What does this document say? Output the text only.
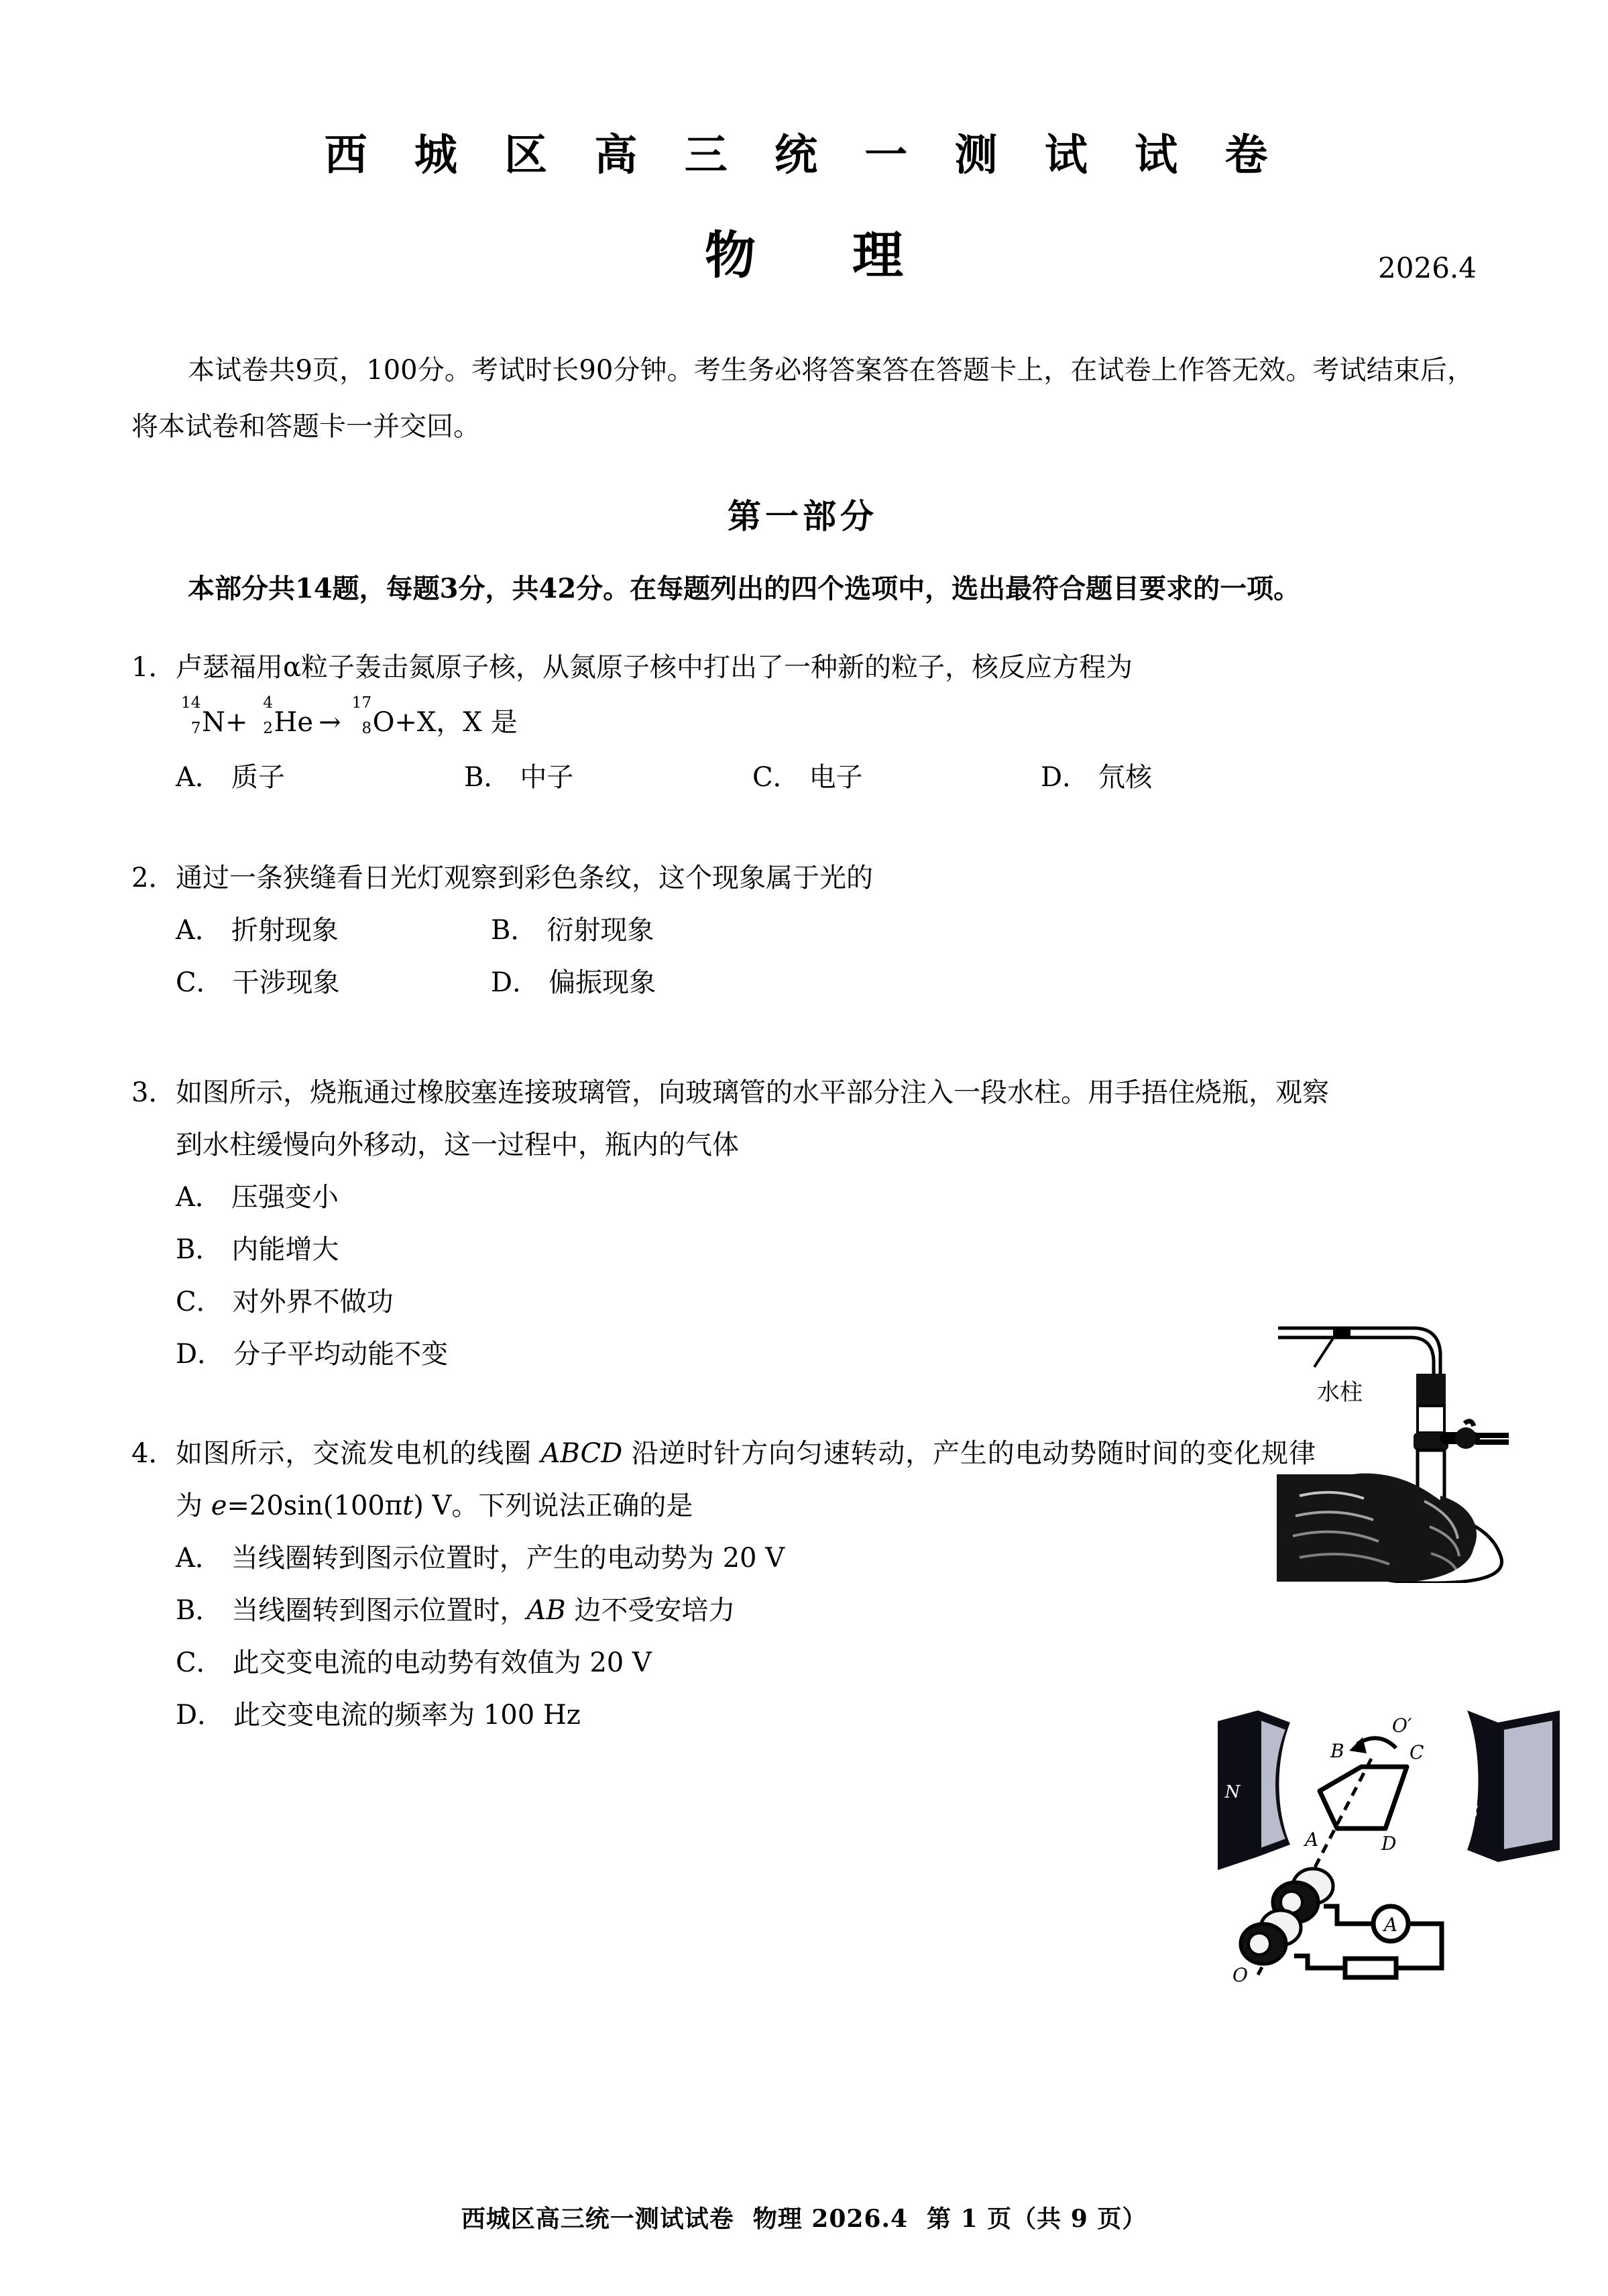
西 城 区 高 三 统 一 测 试 试 卷
物　理	2026.4

本试卷共9页，100分。考试时长90分钟。考生务必将答案答在答题卡上，在试卷上作答无效。考试结束后，将本试卷和答题卡一并交回。

第一部分

本部分共14题，每题3分，共42分。在每题列出的四个选项中，选出最符合题目要求的一项。

1． 卢瑟福用α粒子轰击氮原子核，从氮原子核中打出了一种新的粒子，核反应方程为
14
7 N+
4
2 He →
17
8 O+X，X 是
A． 质子	B． 中子	C． 电子	D． 氘核
2． 通过一条狭缝看日光灯观察到彩色条纹，这个现象属于光的
A． 折射现象	B． 衍射现象
C． 干涉现象	D． 偏振现象
3． 如图所示，烧瓶通过橡胶塞连接玻璃管，向玻璃管的水平部分注入一段水柱。用手捂住烧瓶，观察到水柱缓慢向外移动，这一过程中，瓶内的气体
A． 压强变小
B． 内能增大
C． 对外界不做功
D． 分子平均动能不变
4． 如图所示，交流发电机的线圈 ABCD 沿逆时针方向匀速转动，产生的电动势随时间的变化规律为 e=20sin(100πt) V。下列说法正确的是
A． 当线圈转到图示位置时，产生的电动势为 20 V
B． 当线圈转到图示位置时，AB 边不受安培力
C． 此交变电流的电动势有效值为 20 V
D． 此交变电流的频率为 100 Hz
水柱
N
S
B	C
A	D
O′
O
A
西城区高三统一测试试卷 物理 2026.4 第 1 页（共 9 页）
